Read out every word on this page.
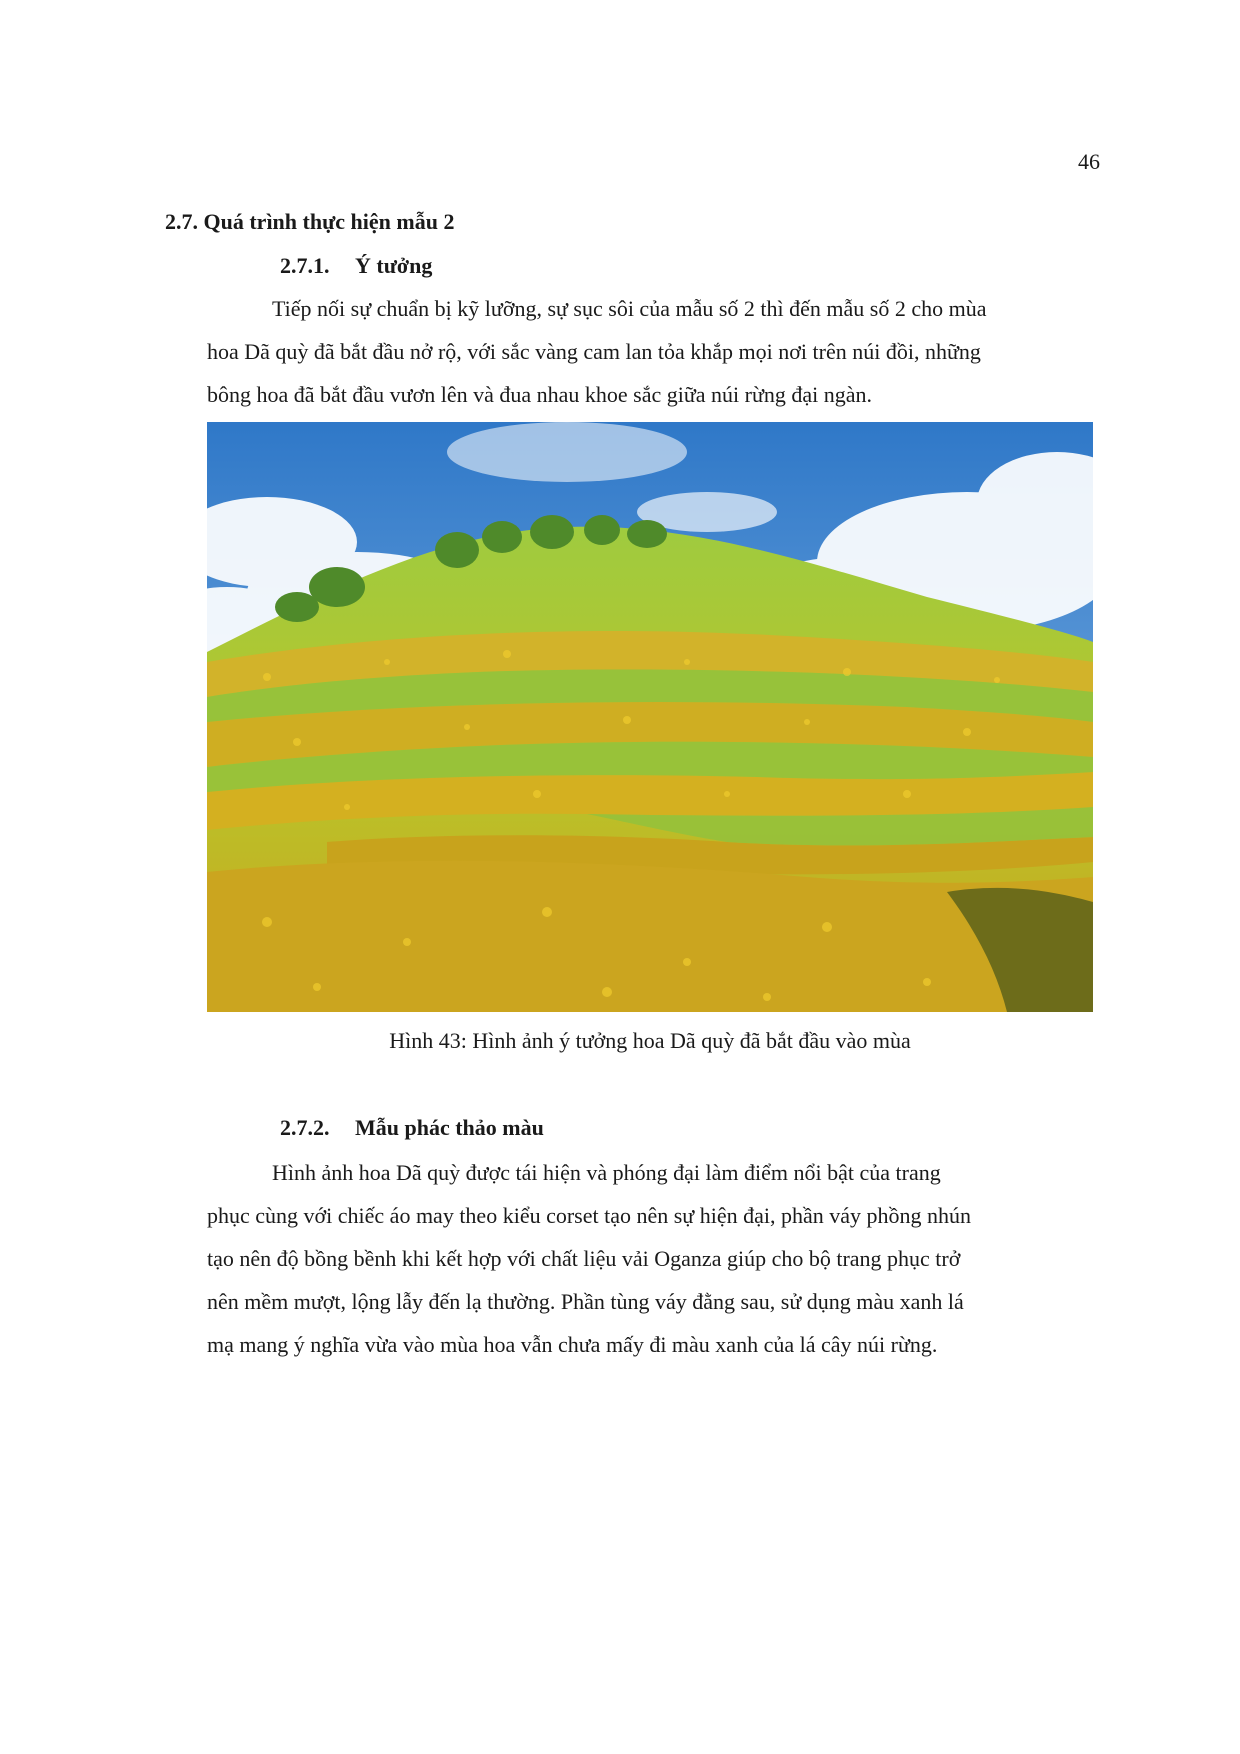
46
2.7. Quá trình thực hiện mẫu 2
2.7.1. Ý tưởng
Tiếp nối sự chuẩn bị kỹ lưỡng, sự sục sôi của mẫu số 2 thì đến mẫu số 2 cho mùa
hoa Dã quỳ đã bắt đầu nở rộ, với sắc vàng cam lan tỏa khắp mọi nơi trên núi đồi, những
bông hoa đã bắt đầu vươn lên và đua nhau khoe sắc giữa núi rừng đại ngàn.
Hình 43: Hình ảnh ý tưởng hoa Dã quỳ đã bắt đầu vào mùa
2.7.2. Mẫu phác thảo màu
Hình ảnh hoa Dã quỳ được tái hiện và phóng đại làm điểm nổi bật của trang
phục cùng với chiếc áo may theo kiểu corset tạo nên sự hiện đại, phần váy phồng nhún
tạo nên độ bồng bềnh khi kết hợp với chất liệu vải Oganza giúp cho bộ trang phục trở
nên mềm mượt, lộng lẫy đến lạ thường. Phần tùng váy đằng sau, sử dụng màu xanh lá
mạ mang ý nghĩa vừa vào mùa hoa vẫn chưa mấy đi màu xanh của lá cây núi rừng.
